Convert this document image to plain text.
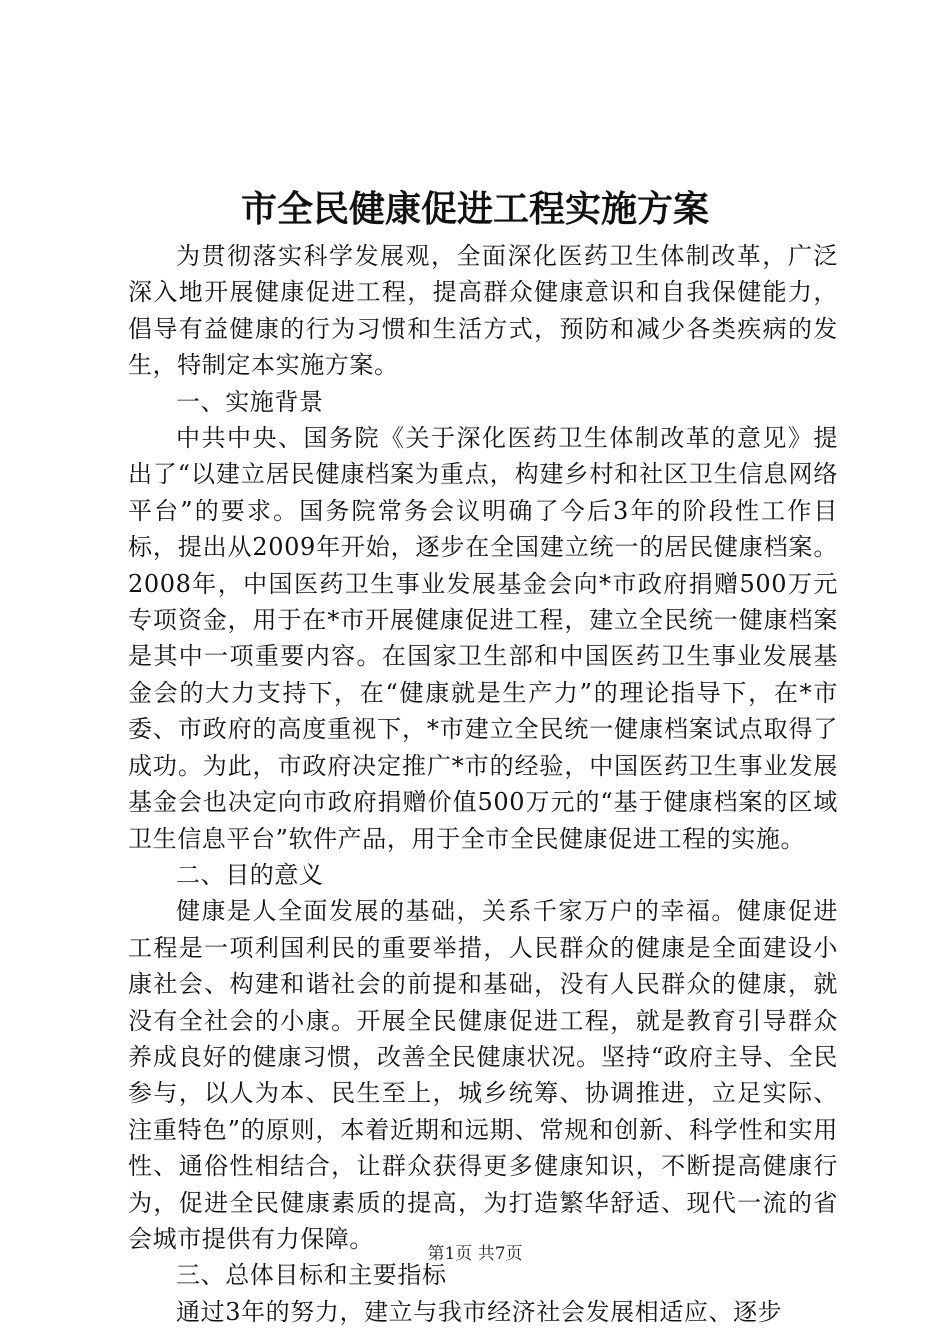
市全民健康促进工程实施方案

为贯彻落实科学发展观，全面深化医药卫生体制改革，广泛深入地开展健康促进工程，提高群众健康意识和自我保健能力，倡导有益健康的行为习惯和生活方式，预防和减少各类疾病的发生，特制定本实施方案。

一、实施背景

中共中央、国务院《关于深化医药卫生体制改革的意见》提出了“以建立居民健康档案为重点，构建乡村和社区卫生信息网络平台”的要求。国务院常务会议明确了今后3年的阶段性工作目标，提出从2009年开始，逐步在全国建立统一的居民健康档案。2008年，中国医药卫生事业发展基金会向*市政府捐赠500万元专项资金，用于在*市开展健康促进工程，建立全民统一健康档案是其中一项重要内容。在国家卫生部和中国医药卫生事业发展基金会的大力支持下，在“健康就是生产力”的理论指导下，在*市委、市政府的高度重视下，*市建立全民统一健康档案试点取得了成功。为此，市政府决定推广*市的经验，中国医药卫生事业发展基金会也决定向市政府捐赠价值500万元的“基于健康档案的区域卫生信息平台”软件产品，用于全市全民健康促进工程的实施。

二、目的意义

健康是人全面发展的基础，关系千家万户的幸福。健康促进工程是一项利国利民的重要举措，人民群众的健康是全面建设小康社会、构建和谐社会的前提和基础，没有人民群众的健康，就没有全社会的小康。开展全民健康促进工程，就是教育引导群众养成良好的健康习惯，改善全民健康状况。坚持“政府主导、全民参与，以人为本、民生至上，城乡统筹、协调推进，立足实际、注重特色”的原则，本着近期和远期、常规和创新、科学性和实用性、通俗性相结合，让群众获得更多健康知识，不断提高健康行为，促进全民健康素质的提高，为打造繁华舒适、现代一流的省会城市提供有力保障。

三、总体目标和主要指标

通过3年的努力，建立与我市经济社会发展相适应、逐步

第1页 共7页
